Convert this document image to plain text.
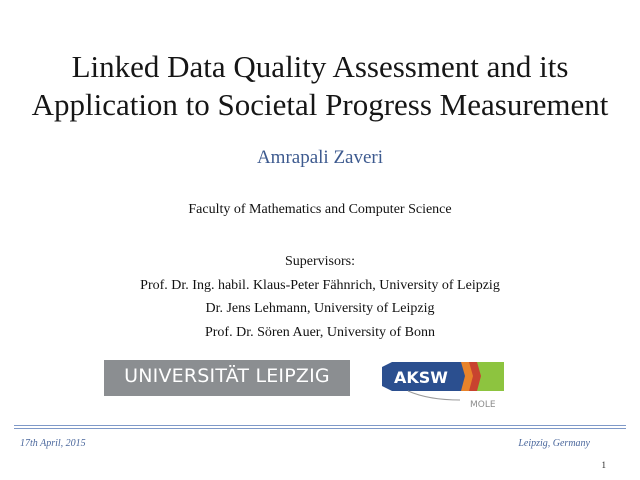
Linked Data Quality Assessment and its
Application to Societal Progress Measurement
Amrapali Zaveri
Faculty of Mathematics and Computer Science
Supervisors:
Prof. Dr. Ing. habil. Klaus-Peter Fähnrich, University of Leipzig
Dr. Jens Lehmann, University of Leipzig
Prof. Dr. Sören Auer, University of Bonn
UNIVERSITÄT LEIPZIG	AKSW
MOLE
17th April, 2015	Leipzig, Germany
1
